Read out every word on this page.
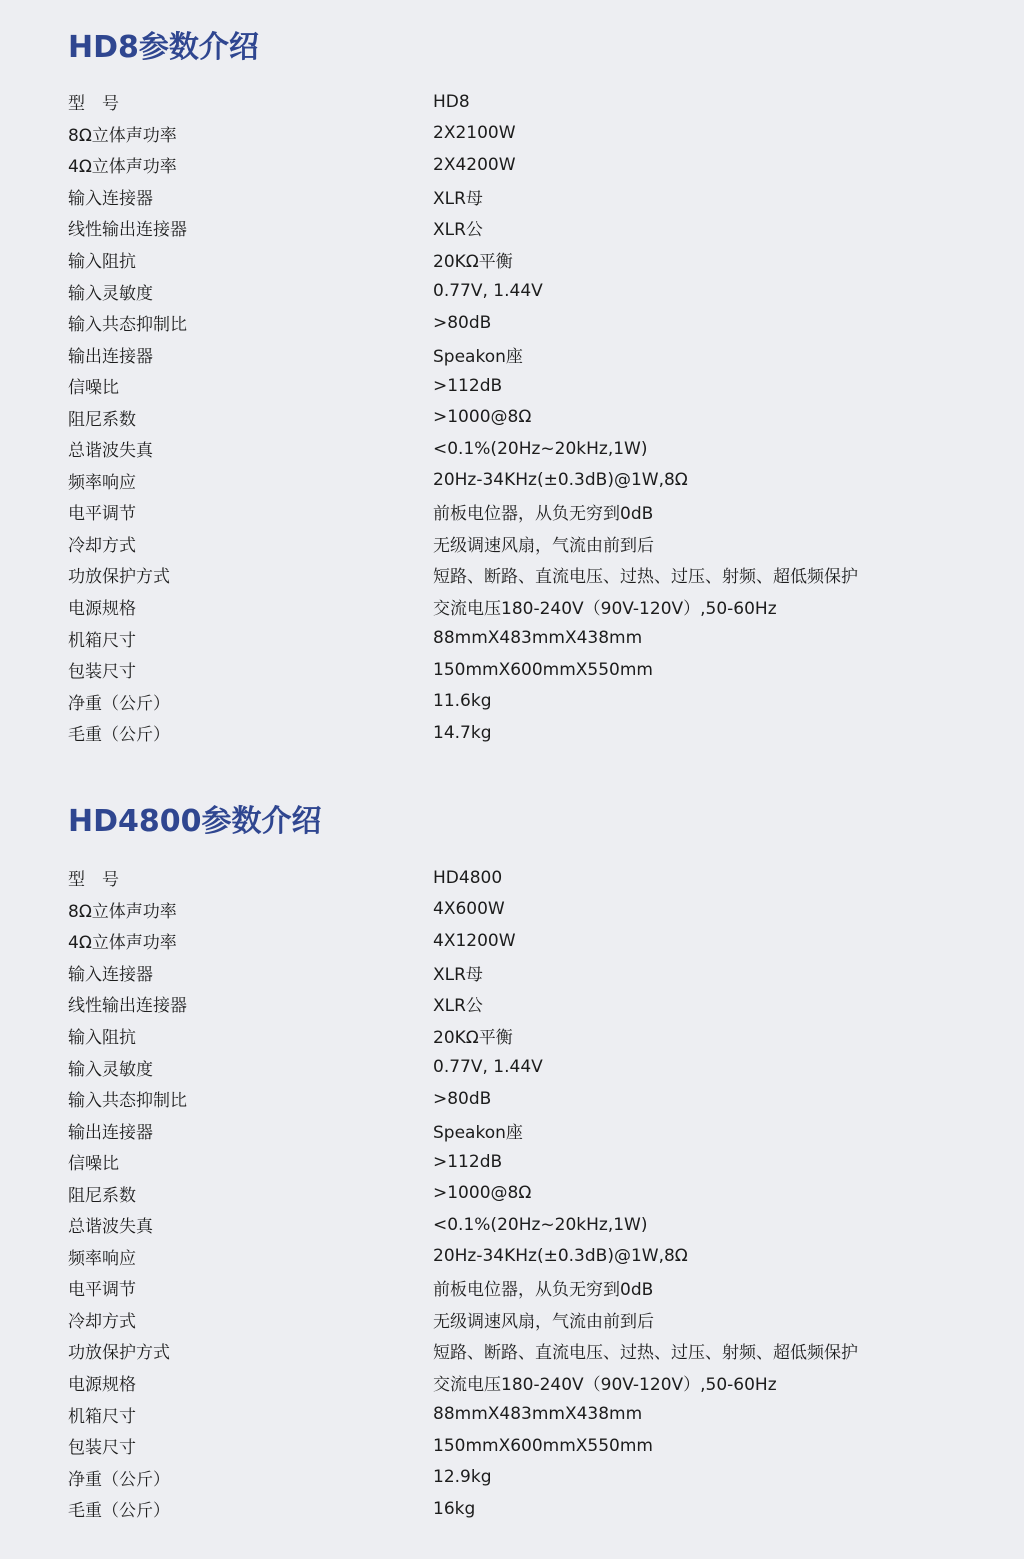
HD8参数介绍
型　号	HD8
8Ω立体声功率	2X2100W
4Ω立体声功率	2X4200W
输入连接器	XLR母
线性输出连接器	XLR公
输入阻抗	20KΩ平衡
输入灵敏度	0.77V, 1.44V
输入共态抑制比	>80dB
输出连接器	Speakon座
信噪比	>112dB
阻尼系数	>1000@8Ω
总谐波失真	<0.1%(20Hz~20kHz,1W)
频率响应	20Hz-34KHz(±0.3dB)@1W,8Ω
电平调节	前板电位器，从负无穷到0dB
冷却方式	无级调速风扇，气流由前到后
功放保护方式	短路、断路、直流电压、过热、过压、射频、超低频保护
电源规格	交流电压180-240V（90V-120V）,50-60Hz
机箱尺寸	88mmX483mmX438mm
包装尺寸	150mmX600mmX550mm
净重（公斤）	11.6kg
毛重（公斤）	14.7kg
HD4800参数介绍
型　号	HD4800
8Ω立体声功率	4X600W
4Ω立体声功率	4X1200W
输入连接器	XLR母
线性输出连接器	XLR公
输入阻抗	20KΩ平衡
输入灵敏度	0.77V, 1.44V
输入共态抑制比	>80dB
输出连接器	Speakon座
信噪比	>112dB
阻尼系数	>1000@8Ω
总谐波失真	<0.1%(20Hz~20kHz,1W)
频率响应	20Hz-34KHz(±0.3dB)@1W,8Ω
电平调节	前板电位器，从负无穷到0dB
冷却方式	无级调速风扇，气流由前到后
功放保护方式	短路、断路、直流电压、过热、过压、射频、超低频保护
电源规格	交流电压180-240V（90V-120V）,50-60Hz
机箱尺寸	88mmX483mmX438mm
包装尺寸	150mmX600mmX550mm
净重（公斤）	12.9kg
毛重（公斤）	16kg
